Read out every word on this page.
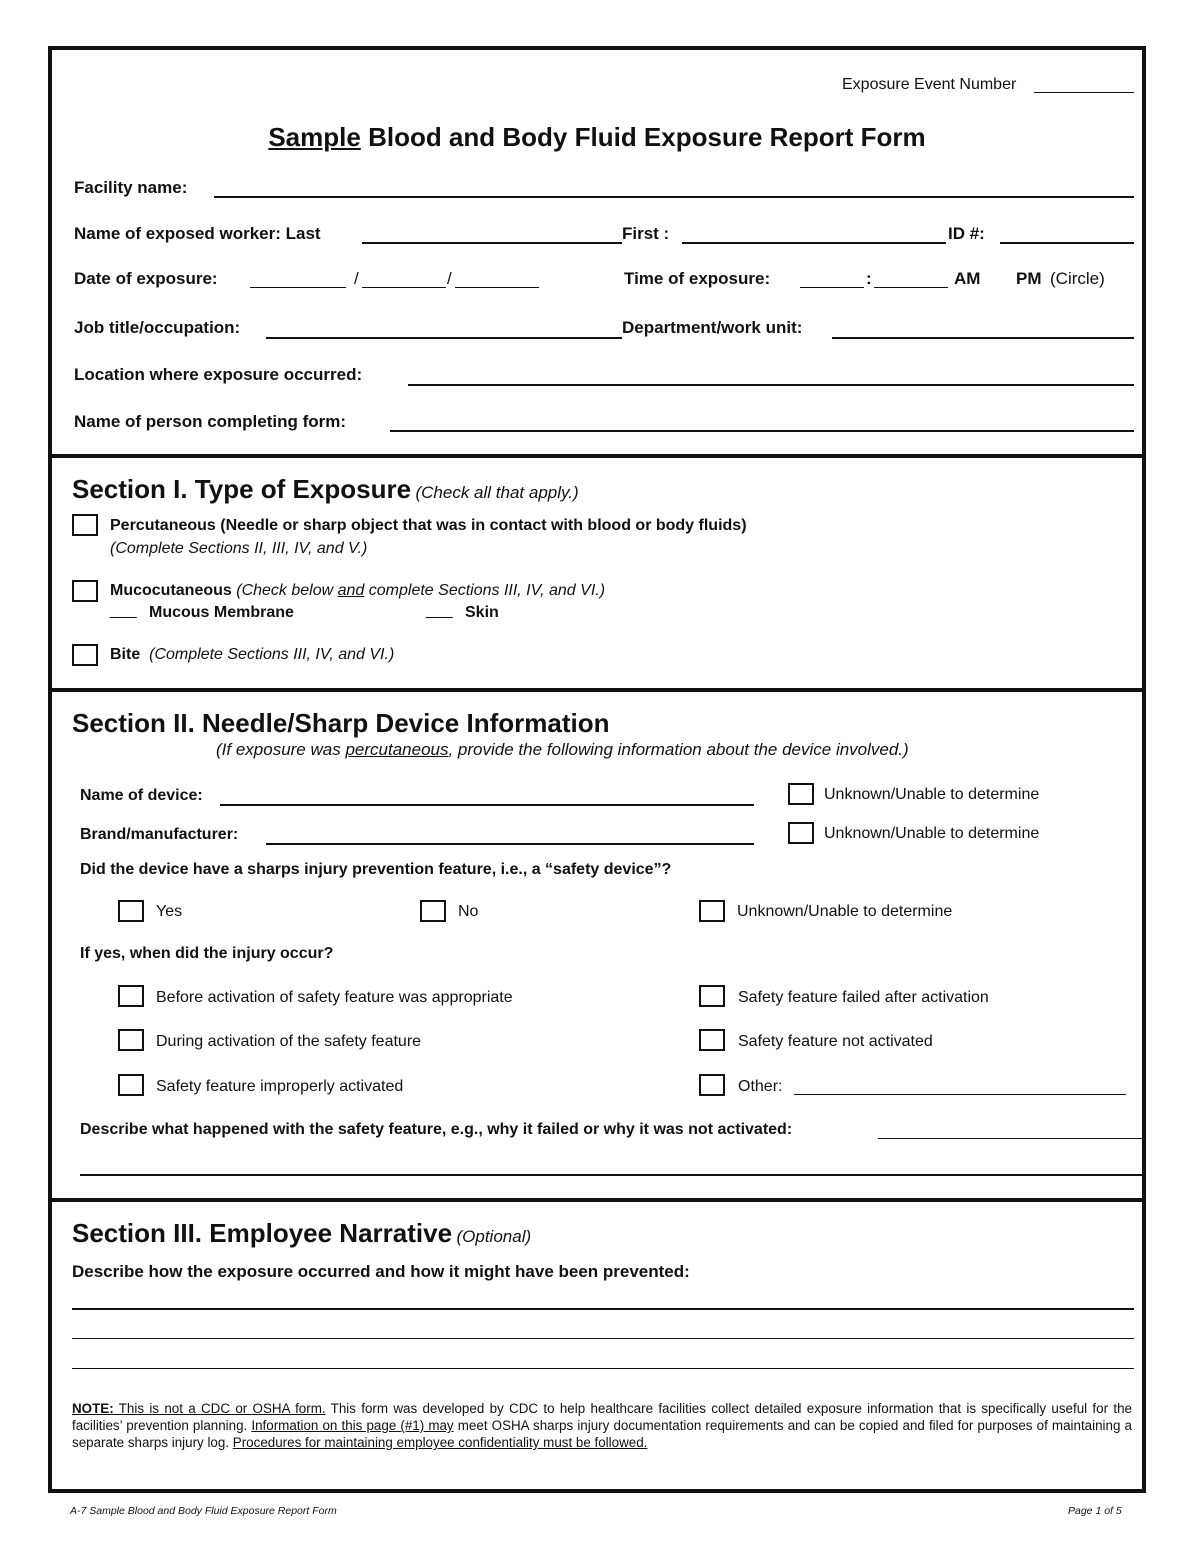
Exposure Event Number
Sample Blood and Body Fluid Exposure Report Form
Facility name:
Name of exposed worker: Last	First :	ID #:
Date of exposure:	/	/	Time of exposure:	:	AM PM (Circle)
Job title/occupation:	Department/work unit:
Location where exposure occurred:
Name of person completing form:
Section I. Type of Exposure (Check all that apply.)
Percutaneous (Needle or sharp object that was in contact with blood or body fluids)
(Complete Sections II, III, IV, and V.)
Mucocutaneous (Check below and complete Sections III, IV, and VI.)
___ Mucous Membrane	___ Skin
Bite (Complete Sections III, IV, and VI.)
Section II. Needle/Sharp Device Information
(If exposure was percutaneous, provide the following information about the device involved.)
Name of device:	Unknown/Unable to determine
Brand/manufacturer:	Unknown/Unable to determine
Did the device have a sharps injury prevention feature, i.e., a “safety device”?
Yes	No	Unknown/Unable to determine
If yes, when did the injury occur?
Before activation of safety feature was appropriate	Safety feature failed after activation
During activation of the safety feature	Safety feature not activated
Safety feature improperly activated	Other:
Describe what happened with the safety feature, e.g., why it failed or why it was not activated:
Section III. Employee Narrative (Optional)
Describe how the exposure occurred and how it might have been prevented:
NOTE: This is not a CDC or OSHA form. This form was developed by CDC to help healthcare facilities collect detailed exposure information that is specifically useful for the facilities’ prevention planning. Information on this page (#1) may meet OSHA sharps injury documentation requirements and can be copied and filed for purposes of maintaining a separate sharps injury log. Procedures for maintaining employee confidentiality must be followed.
A-7 Sample Blood and Body Fluid Exposure Report Form	Page 1 of 5
